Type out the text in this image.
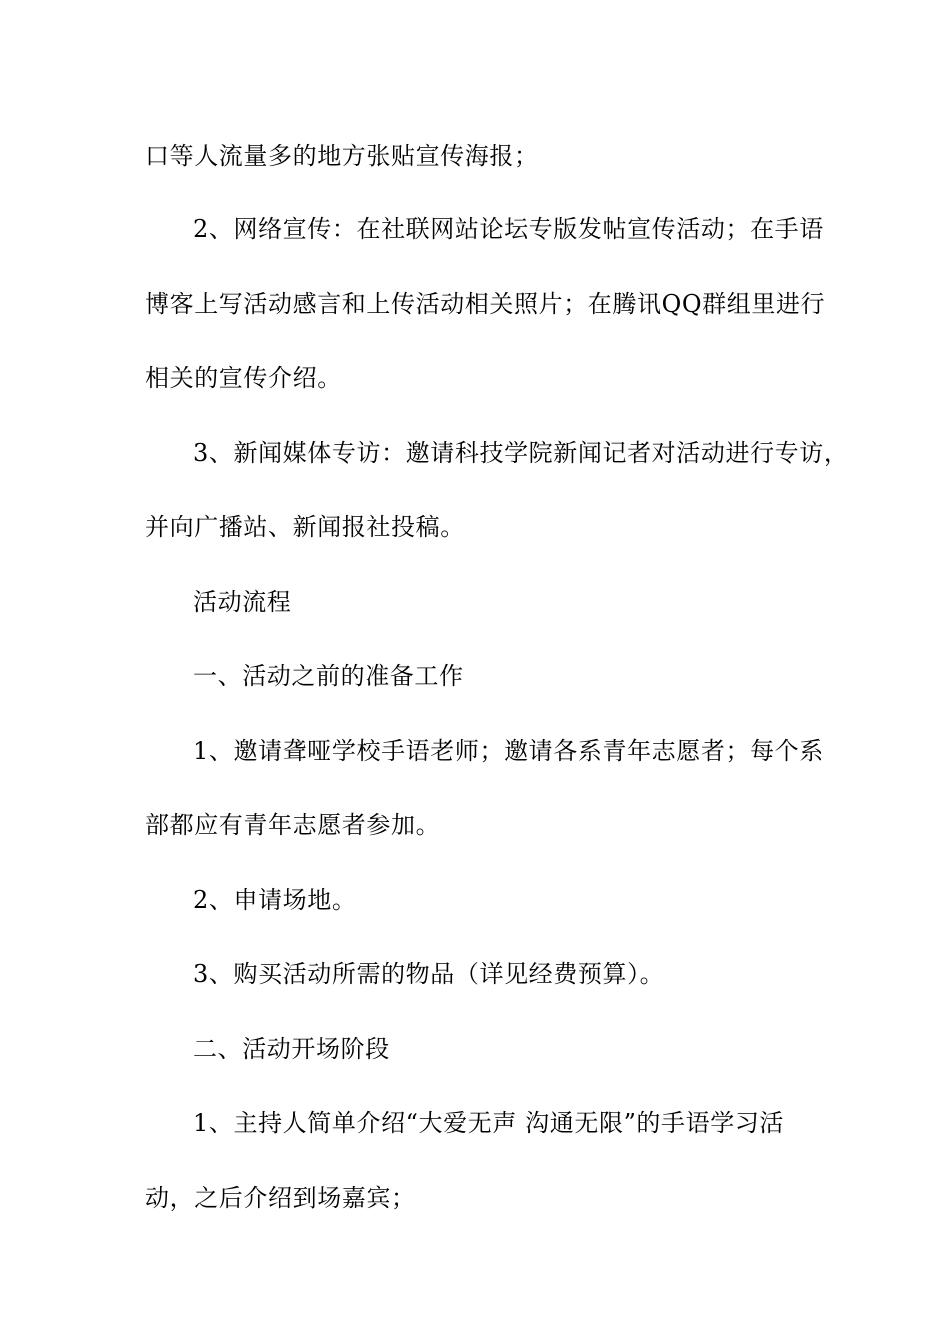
口等人流量多的地方张贴宣传海报；
2、网络宣传：在社联网站论坛专版发帖宣传活动；在手语
博客上写活动感言和上传活动相关照片；在腾讯QQ群组里进行
相关的宣传介绍。
3、新闻媒体专访：邀请科技学院新闻记者对活动进行专访，
并向广播站、新闻报社投稿。
活动流程
一、活动之前的准备工作
1、邀请聋哑学校手语老师；邀请各系青年志愿者；每个系
部都应有青年志愿者参加。
2、申请场地。
3、购买活动所需的物品（详见经费预算）。
二、活动开场阶段
1、主持人简单介绍“大爱无声 沟通无限”的手语学习活
动，之后介绍到场嘉宾；
